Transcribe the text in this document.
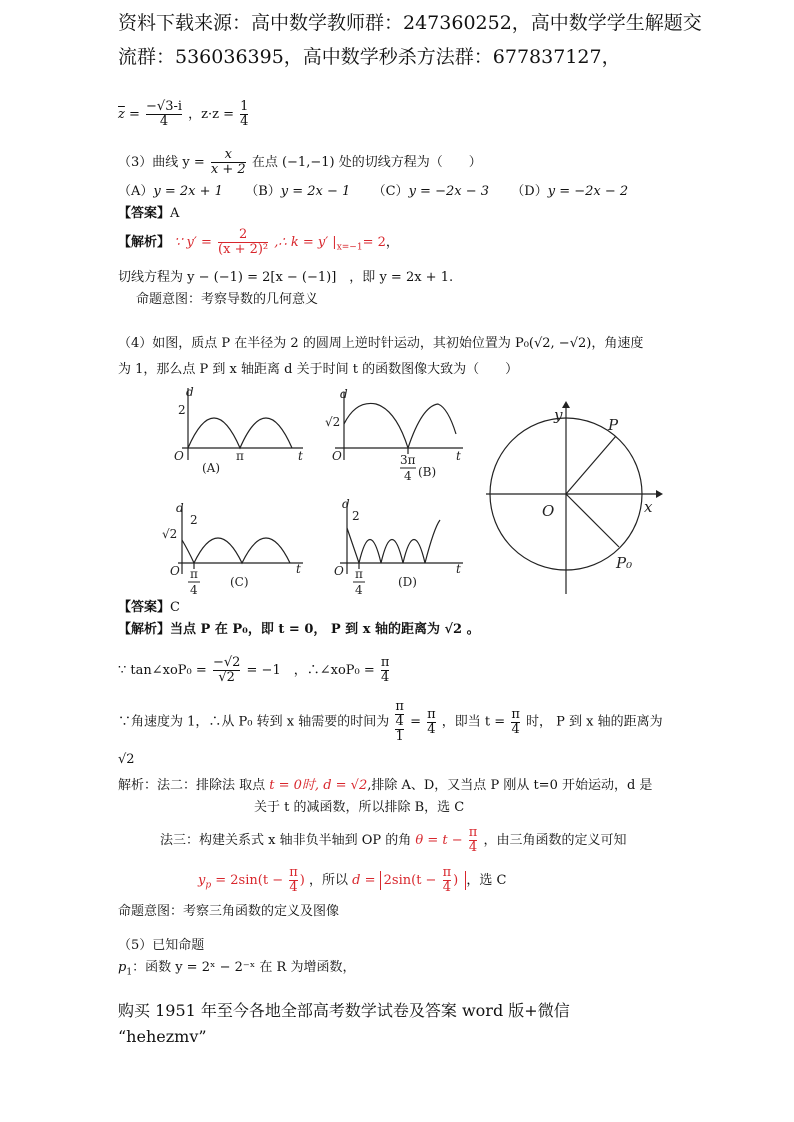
资料下载来源：高中数学教师群：247360252，高中数学学生解题交
流群：536036395，高中数学秒杀方法群：677837127，
$\overline{z} = \frac{-√3-i}{4}$ ，$z\cdot z = \frac{1}{4}$
（3）曲线 $y = \frac{x}{x + 2}$ 在点 (−1,−1) 处的切线方程为（　　）
（A）y = 2x + 1 （B）y = 2x − 1 （C）y = −2x − 3 （D）y = −2x − 2
【答案】A
【解析】 ∵ $y' = \frac{2}{\text{(x + 2)²}}$ ,∴ k = y′ $|_{x=-1}= 2$，
切线方程为 y − (−1) = 2[x − (−1)]　，即 y = 2x + 1.
命题意图：考察导数的几何意义
（4）如图，质点 P 在半径为 2 的圆周上逆时针运动，其初始位置为 P₀(√2, −√2)，角速度
为 1，那么点 P 到 x 轴距离 d 关于时间 t 的函数图像大致为（　　）
d
2
O	π	t
(A)
d
√2
O	3π
4
t
(B)
d
√2
2
O π
4
t
(C)
d
2
O π
4
t
(D)
x
y
O
P
P₀
【答案】C
【解析】当点 P 在 P₀，即 t = 0， P 到 x 轴的距离为 √2 。
∵ tan∠xoP₀ = $\frac{-√2}{√2} = -1$　，∴∠xoP₀ = $\frac{\pi}{4}$
∵角速度为 1，∴从 P₀ 转到 x 轴需要的时间为 π
4
$1 = \frac{\pi}{4}$ ，即当 $t = \frac{\pi}{4}$ 时， P 到 x 轴的距离为
√2
解析：法二：排除法 取点 t = 0时, d = √2,排除 A、D，又当点 P 刚从 t=0 开始运动，d 是
关于 t 的减函数，所以排除 B，选 C
法三：构建关系式 x 轴非负半轴到 OP 的角 $\theta = t - \frac{\pi}{4}$ ，由三角函数的定义可知
$y_p = 2\sin(t - \frac{\pi}{4}$ ) ，所以 $d = 2\sin(t - \frac{\pi}{4}$ ) ，选 C
命题意图：考察三角函数的定义及图像
（5）已知命题
$p_1$：函数 y = 2ˣ − 2⁻ˣ 在 R 为增函数，
购买 1951 年至今各地全部高考数学试卷及答案 word 版+微信
“hehezmv”
